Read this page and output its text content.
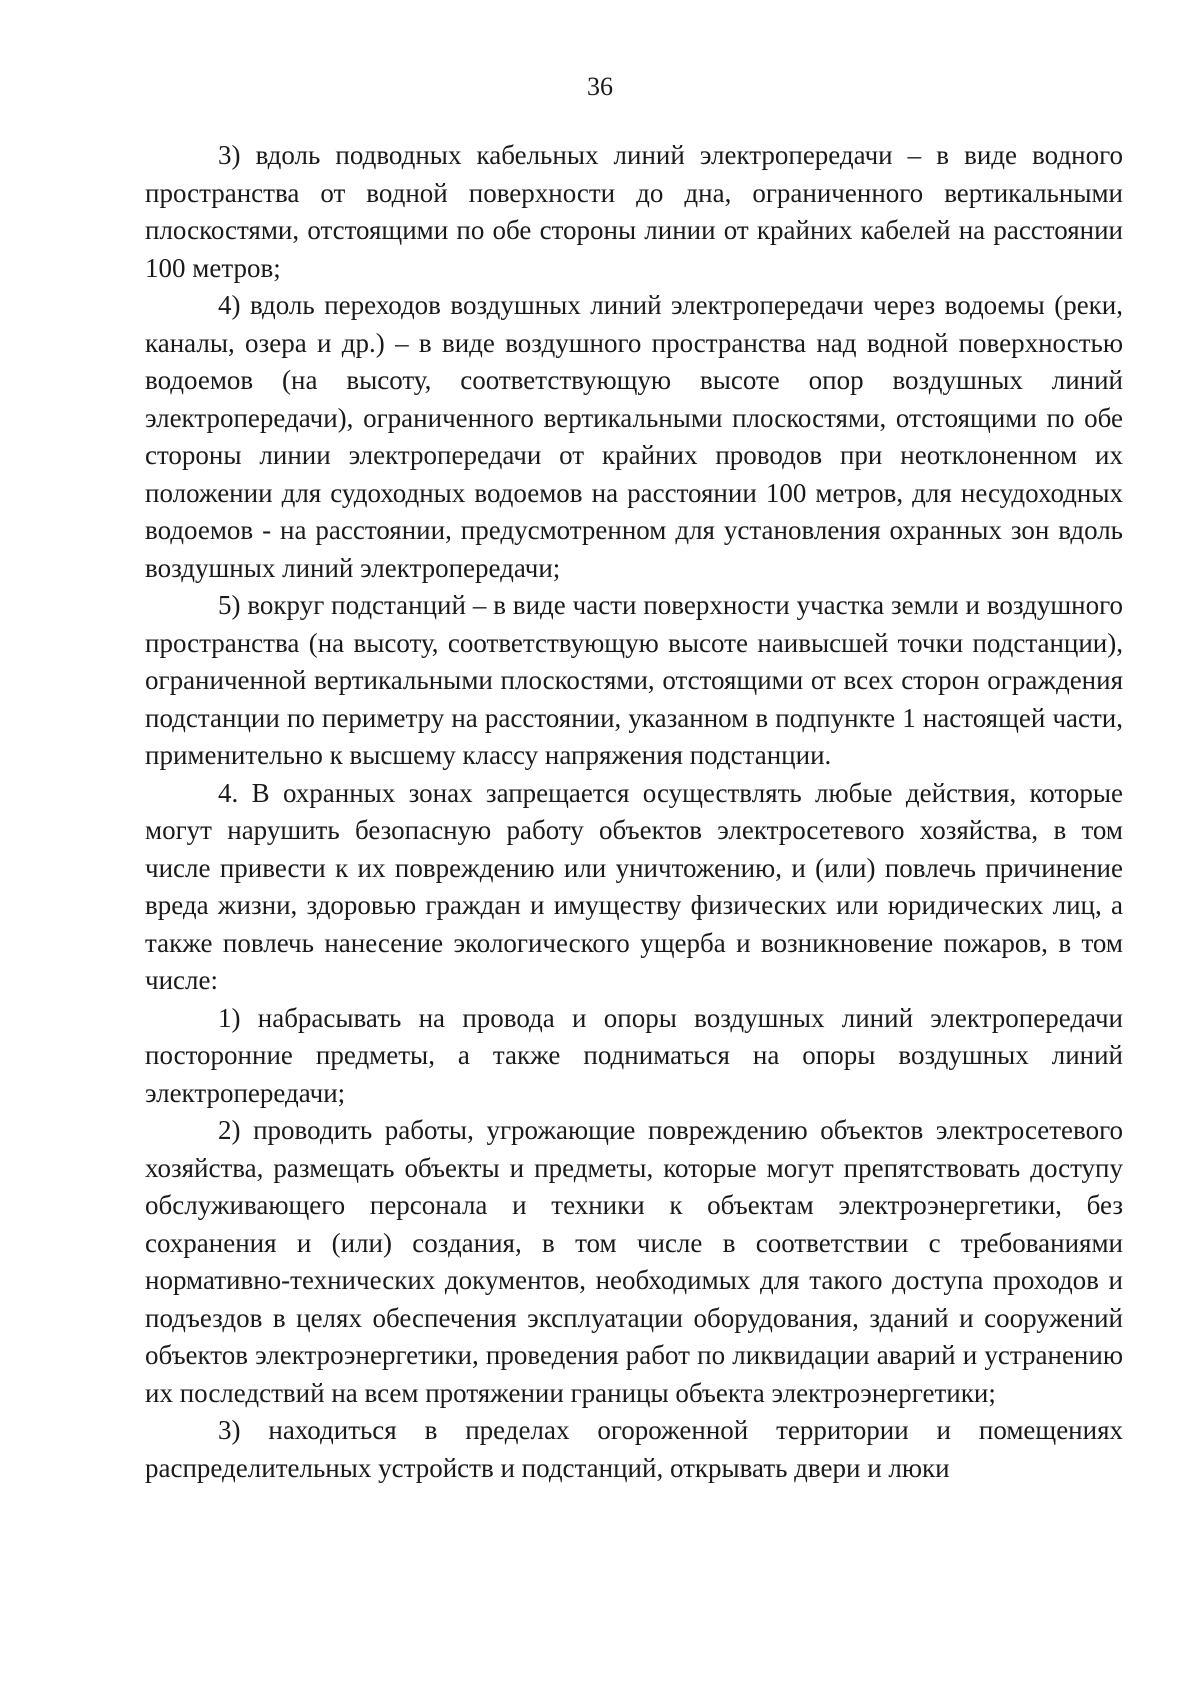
36

3) вдоль подводных кабельных линий электропередачи – в виде водного пространства от водной поверхности до дна, ограниченного вертикальными плоскостями, отстоящими по обе стороны линии от крайних кабелей на расстоянии 100 метров;

4) вдоль переходов воздушных линий электропередачи через водоемы (реки, каналы, озера и др.) – в виде воздушного пространства над водной поверхностью водоемов (на высоту, соответствующую высоте опор воздушных линий электропередачи), ограниченного вертикальными плоскостями, отстоящими по обе стороны линии электропередачи от крайних проводов при неотклоненном их положении для судоходных водоемов на расстоянии 100 метров, для несудоходных водоемов - на расстоянии, предусмотренном для установления охранных зон вдоль воздушных линий электропередачи;

5) вокруг подстанций – в виде части поверхности участка земли и воздушного пространства (на высоту, соответствующую высоте наивысшей точки подстанции), ограниченной вертикальными плоскостями, отстоящими от всех сторон ограждения подстанции по периметру на расстоянии, указанном в подпункте 1 настоящей части, применительно к высшему классу напряжения подстанции.

4. В охранных зонах запрещается осуществлять любые действия, которые могут нарушить безопасную работу объектов электросетевого хозяйства, в том числе привести к их повреждению или уничтожению, и (или) повлечь причинение вреда жизни, здоровью граждан и имуществу физических или юридических лиц, а также повлечь нанесение экологического ущерба и возникновение пожаров, в том числе:

1) набрасывать на провода и опоры воздушных линий электропередачи посторонние предметы, а также подниматься на опоры воздушных линий электропередачи;

2) проводить работы, угрожающие повреждению объектов электросетевого хозяйства, размещать объекты и предметы, которые могут препятствовать доступу обслуживающего персонала и техники к объектам электроэнергетики, без сохранения и (или) создания, в том числе в соответствии с требованиями нормативно-технических документов, необходимых для такого доступа проходов и подъездов в целях обеспечения эксплуатации оборудования, зданий и сооружений объектов электроэнергетики, проведения работ по ликвидации аварий и устранению их последствий на всем протяжении границы объекта электроэнергетики;

3) находиться в пределах огороженной территории и помещениях распределительных устройств и подстанций, открывать двери и люки
